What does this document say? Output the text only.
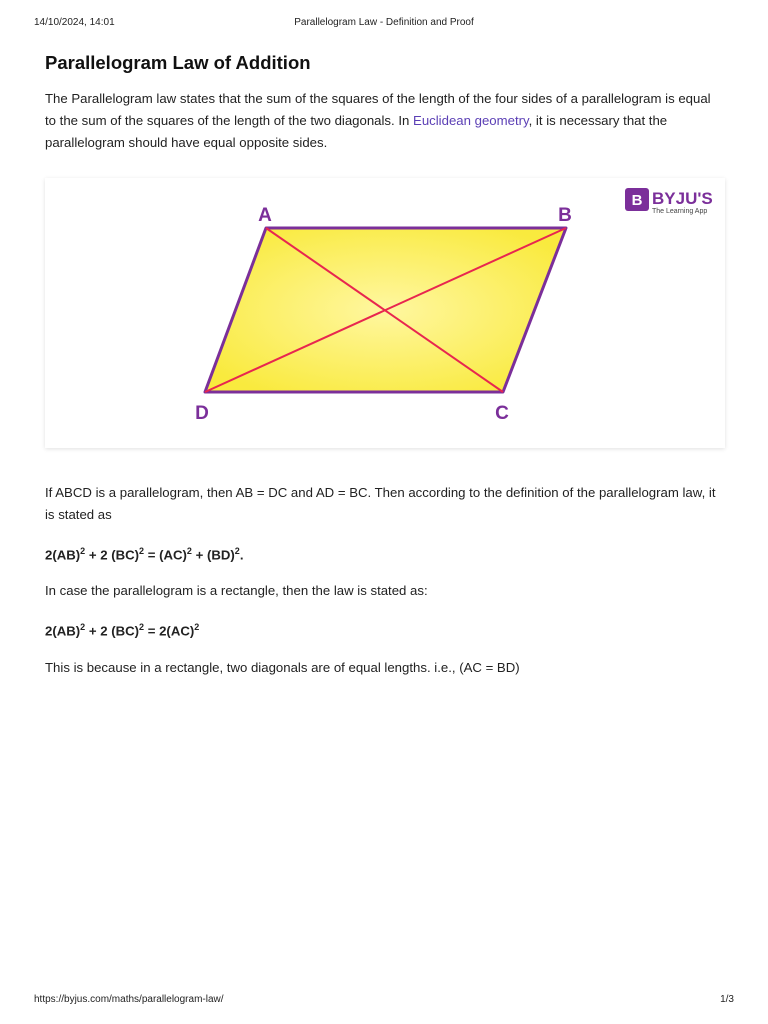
14/10/2024, 14:01	Parallelogram Law - Definition and Proof
Parallelogram Law of Addition

The Parallelogram law states that the sum of the squares of the length of the four sides of a parallelogram is equal to the sum of the squares of the length of the two diagonals. In Euclidean geometry, it is necessary that the parallelogram should have equal opposite sides.

A	B
C
D
B BYJU'S
The Learning App

If ABCD is a parallelogram, then AB = DC and AD = BC. Then according to the definition of the parallelogram law, it is stated as

2(AB)$^2$ + 2 (BC)$^2$ = (AC)$^2$ + (BD)$^2$.

In case the parallelogram is a rectangle, then the law is stated as:

2(AB)$^2$ + 2 (BC)$^2$ = 2(AC)$^2$

This is because in a rectangle, two diagonals are of equal lengths. i.e., (AC = BD)

https://byjus.com/maths/parallelogram-law/	1/3
